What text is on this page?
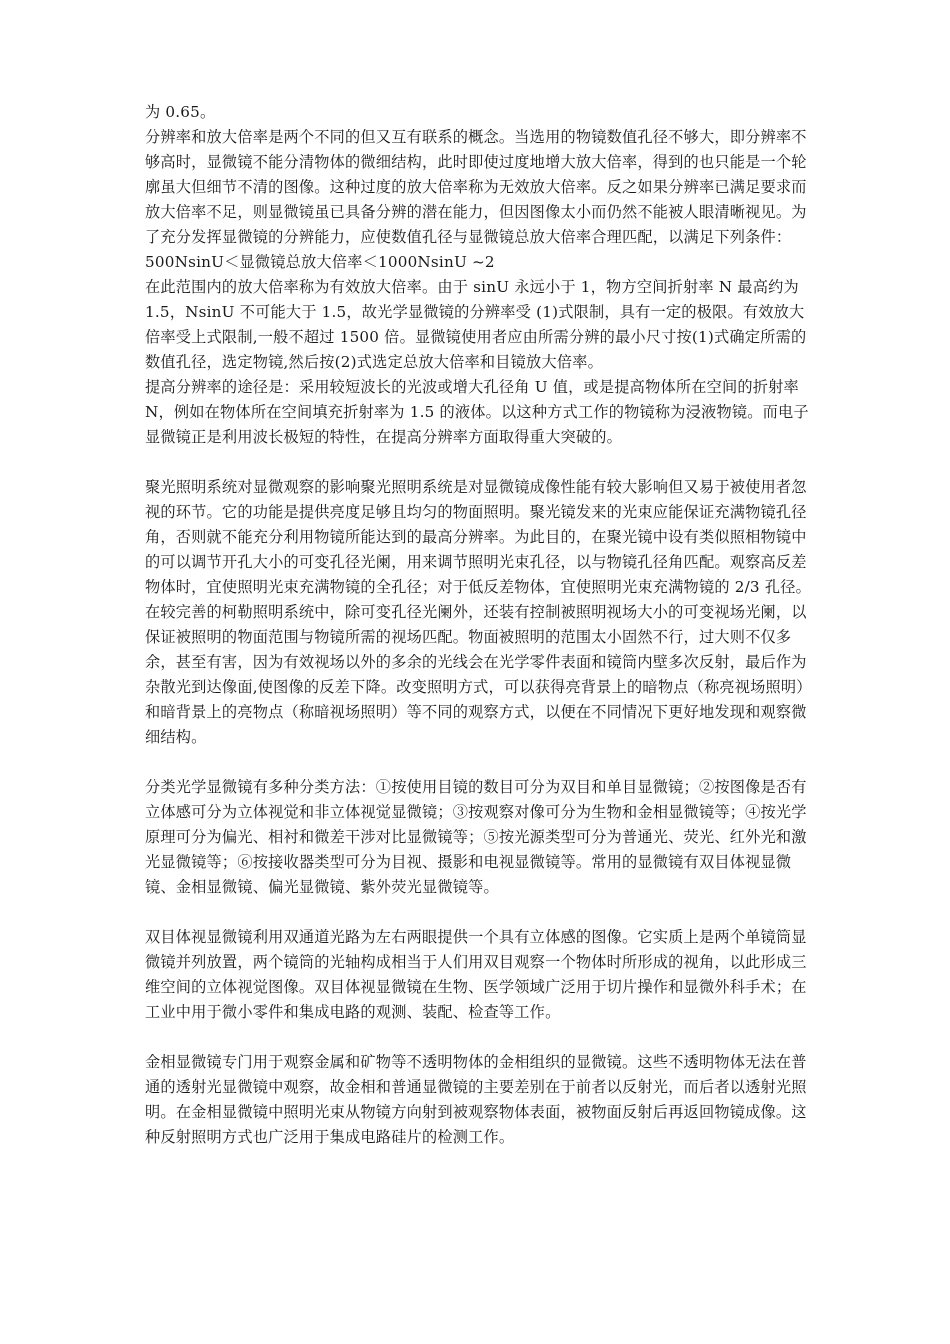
为 0.65。

分辨率和放大倍率是两个不同的但又互有联系的概念。当选用的物镜数值孔径不够大，即分辨率不够高时，显微镜不能分清物体的微细结构，此时即使过度地增大放大倍率，得到的也只能是一个轮廓虽大但细节不清的图像。这种过度的放大倍率称为无效放大倍率。反之如果分辨率已满足要求而放大倍率不足，则显微镜虽已具备分辨的潜在能力，但因图像太小而仍然不能被人眼清晰视见。为了充分发挥显微镜的分辨能力，应使数值孔径与显微镜总放大倍率合理匹配，以满足下列条件：

500NsinU＜显微镜总放大倍率＜1000NsinU ~2

在此范围内的放大倍率称为有效放大倍率。由于 sinU 永远小于 1，物方空间折射率 N 最高约为 1.5，NsinU 不可能大于 1.5，故光学显微镜的分辨率受 (1)式限制，具有一定的极限。有效放大倍率受上式限制,一般不超过 1500 倍。显微镜使用者应由所需分辨的最小尺寸按(1)式确定所需的数值孔径，选定物镜,然后按(2)式选定总放大倍率和目镜放大倍率。

提高分辨率的途径是：采用较短波长的光波或增大孔径角 U 值，或是提高物体所在空间的折射率 N，例如在物体所在空间填充折射率为 1.5 的液体。以这种方式工作的物镜称为浸液物镜。而电子显微镜正是利用波长极短的特性，在提高分辨率方面取得重大突破的。

聚光照明系统对显微观察的影响聚光照明系统是对显微镜成像性能有较大影响但又易于被使用者忽视的环节。它的功能是提供亮度足够且均匀的物面照明。聚光镜发来的光束应能保证充满物镜孔径角，否则就不能充分利用物镜所能达到的最高分辨率。为此目的，在聚光镜中设有类似照相物镜中的可以调节开孔大小的可变孔径光阑，用来调节照明光束孔径，以与物镜孔径角匹配。观察高反差物体时，宜使照明光束充满物镜的全孔径；对于低反差物体，宜使照明光束充满物镜的 2/3 孔径。在较完善的柯勒照明系统中，除可变孔径光阑外，还装有控制被照明视场大小的可变视场光阑，以保证被照明的物面范围与物镜所需的视场匹配。物面被照明的范围太小固然不行，过大则不仅多余，甚至有害，因为有效视场以外的多余的光线会在光学零件表面和镜筒内壁多次反射，最后作为杂散光到达像面,使图像的反差下降。改变照明方式，可以获得亮背景上的暗物点（称亮视场照明）和暗背景上的亮物点（称暗视场照明）等不同的观察方式，以便在不同情况下更好地发现和观察微细结构。

分类光学显微镜有多种分类方法：①按使用目镜的数目可分为双目和单目显微镜；②按图像是否有立体感可分为立体视觉和非立体视觉显微镜；③按观察对像可分为生物和金相显微镜等；④按光学原理可分为偏光、相衬和微差干涉对比显微镜等；⑤按光源类型可分为普通光、荧光、红外光和激光显微镜等；⑥按接收器类型可分为目视、摄影和电视显微镜等。常用的显微镜有双目体视显微镜、金相显微镜、偏光显微镜、紫外荧光显微镜等。

双目体视显微镜利用双通道光路为左右两眼提供一个具有立体感的图像。它实质上是两个单镜筒显微镜并列放置，两个镜筒的光轴构成相当于人们用双目观察一个物体时所形成的视角，以此形成三维空间的立体视觉图像。双目体视显微镜在生物、医学领域广泛用于切片操作和显微外科手术；在工业中用于微小零件和集成电路的观测、装配、检查等工作。

金相显微镜专门用于观察金属和矿物等不透明物体的金相组织的显微镜。这些不透明物体无法在普通的透射光显微镜中观察，故金相和普通显微镜的主要差别在于前者以反射光，而后者以透射光照明。在金相显微镜中照明光束从物镜方向射到被观察物体表面，被物面反射后再返回物镜成像。这种反射照明方式也广泛用于集成电路硅片的检测工作。
